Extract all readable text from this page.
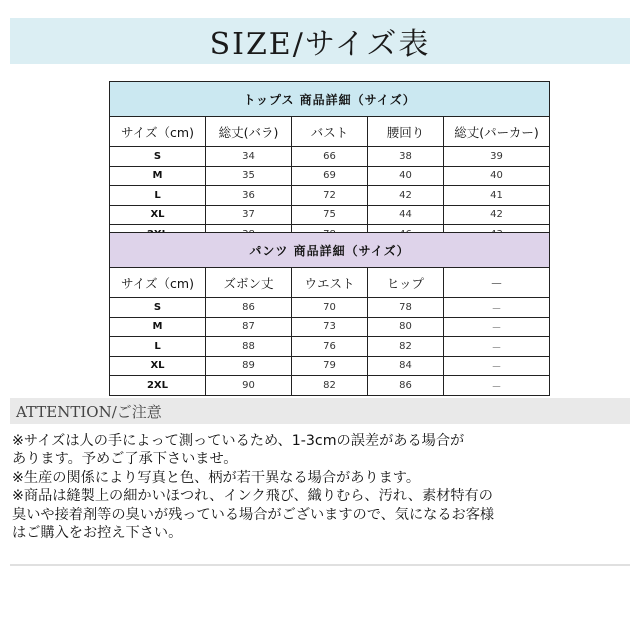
SIZE/サイズ表
トップス 商品詳細（サイズ）				
サイズ（cm)	総丈(バラ)	バスト	腰回り	総丈(パーカー)
S	34	66	38	39
M	35	69	40	40
L	36	72	42	41
XL	37	75	44	42

パンツ 商品詳細（サイズ）				
サイズ（cm)	ズボン丈	ウエスト	ヒップ	－
S	86	70	78	－
M	87	73	80	－
L	88	76	82	－
XL	89	79	84	－
2XL	90	82	86	－
ATTENTION/ご注意
※サイズは人の手によって測っているため、1-3cmの誤差がある場合が
あります。予めご了承下さいませ。
※生産の関係により写真と色、柄が若干異なる場合があります。
※商品は縫製上の細かいほつれ、インク飛び、織りむら、汚れ、素材特有の
臭いや接着剤等の臭いが残っている場合がございますので、気になるお客様
はご購入をお控え下さい。
